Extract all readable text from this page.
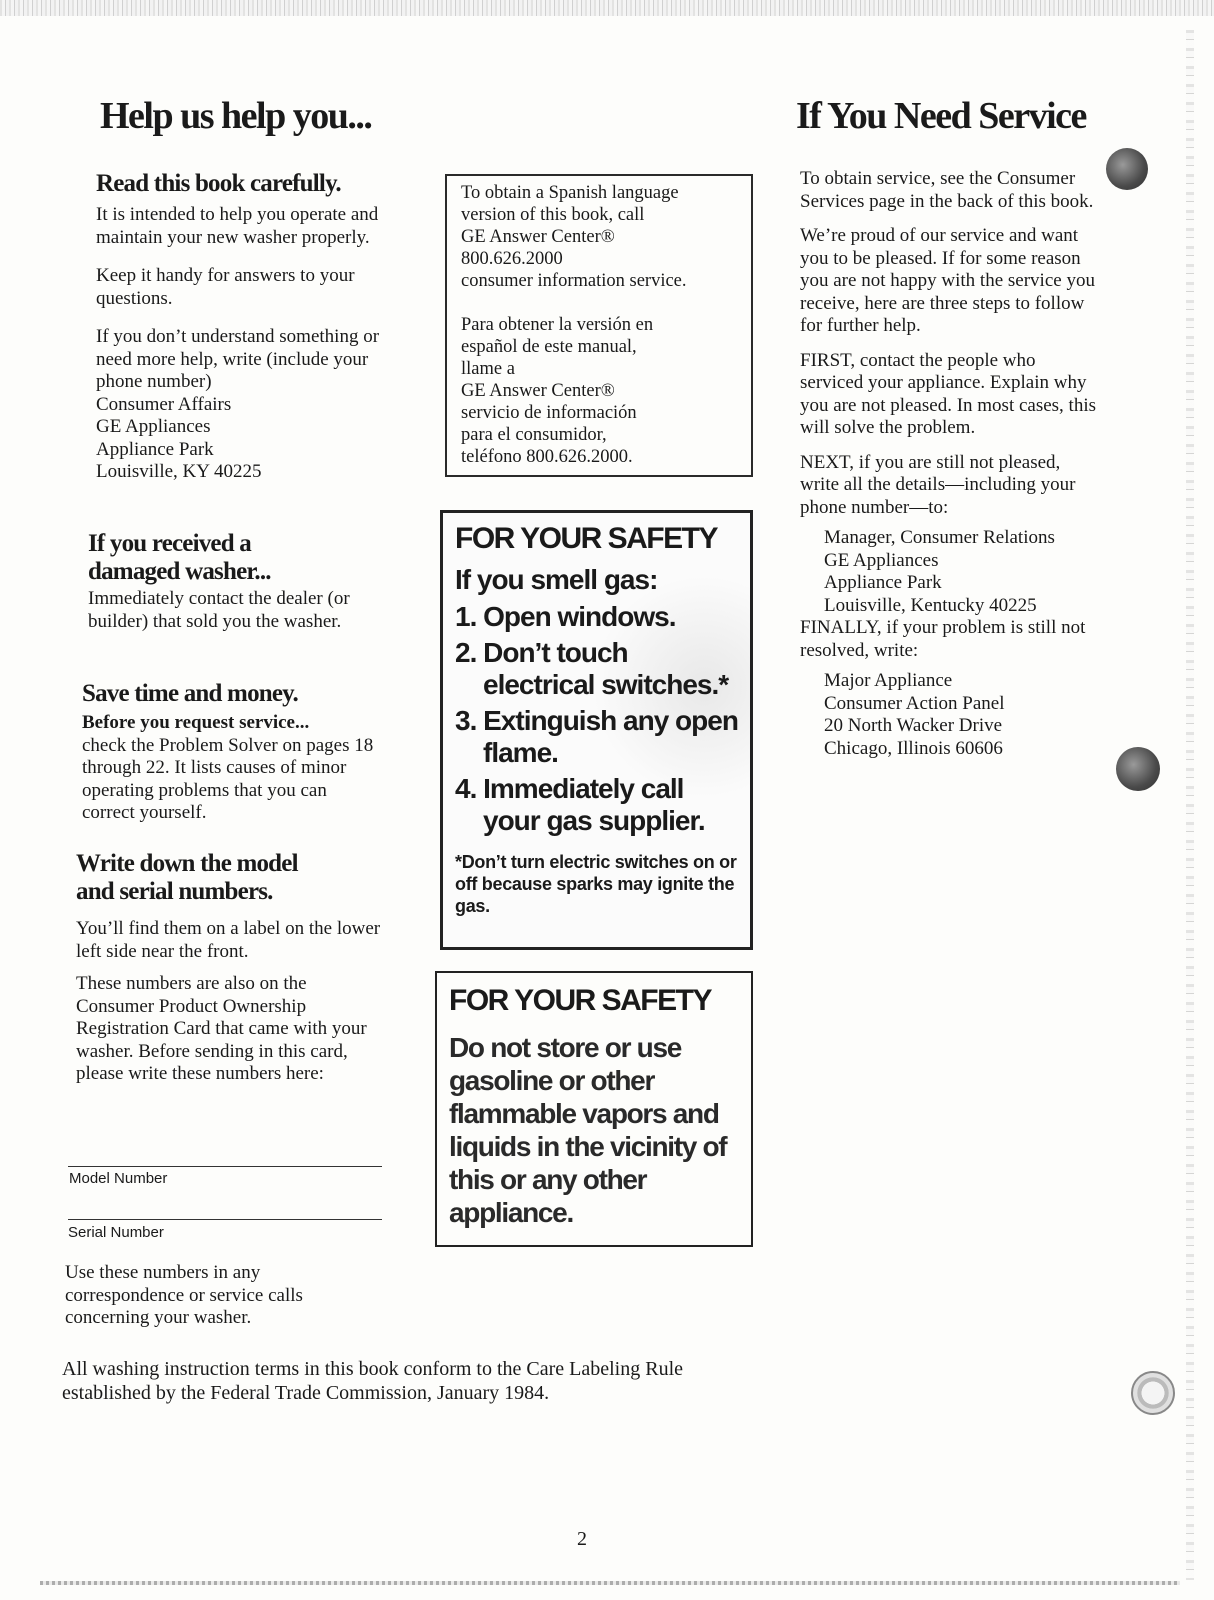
Help us help you...
Read this book carefully.

It is intended to help you operate and maintain your new washer properly.

Keep it handy for answers to your questions.

If you don’t understand something or need more help, write (include your phone number)

Consumer Affairs
GE Appliances
Appliance Park
Louisville, KY 40225
If you received a
damaged washer...

Immediately contact the dealer (or builder) that sold you the washer.

Save time and money.

Before you request service...

check the Problem Solver on pages 18 through 22. It lists causes of minor operating problems that you can correct yourself.

Write down the model
and serial numbers.

You’ll find them on a label on the lower left side near the front.

These numbers are also on the Consumer Product Ownership Registration Card that came with your washer. Before sending in this card, please write these numbers here:

Model Number
Serial Number

Use these numbers in any correspondence or service calls concerning your washer.

To obtain a Spanish language

version of this book, call

GE Answer Center®

800.626.2000

consumer information service.

Para obtener la versión en

español de este manual,

llame a

GE Answer Center®

servicio de información

para el consumidor,

teléfono 800.626.2000.

FOR YOUR SAFETY
If you smell gas:
1. Open windows.
2. Don’t touch electrical switches.*
3. Extinguish any open flame.
4. Immediately call your gas supplier.
*Don’t turn electric switches on or off because sparks may ignite the gas.
FOR YOUR SAFETY
Do not store or use gasoline or other flammable vapors and liquids in the vicinity of this or any other appliance.
If You Need Service

To obtain service, see the Consumer Services page in the back of this book.

We’re proud of our service and want you to be pleased. If for some reason you are not happy with the service you receive, here are three steps to follow for further help.

FIRST, contact the people who serviced your appliance. Explain why you are not pleased. In most cases, this will solve the problem.

NEXT, if you are still not pleased, write all the details—including your phone number—to:

Manager, Consumer Relations
GE Appliances
Appliance Park
Louisville, Kentucky 40225

FINALLY, if your problem is still not resolved, write:

Major Appliance
Consumer Action Panel
20 North Wacker Drive
Chicago, Illinois 60606

All washing instruction terms in this book conform to the Care Labeling Rule established by the Federal Trade Commission, January 1984.

2
